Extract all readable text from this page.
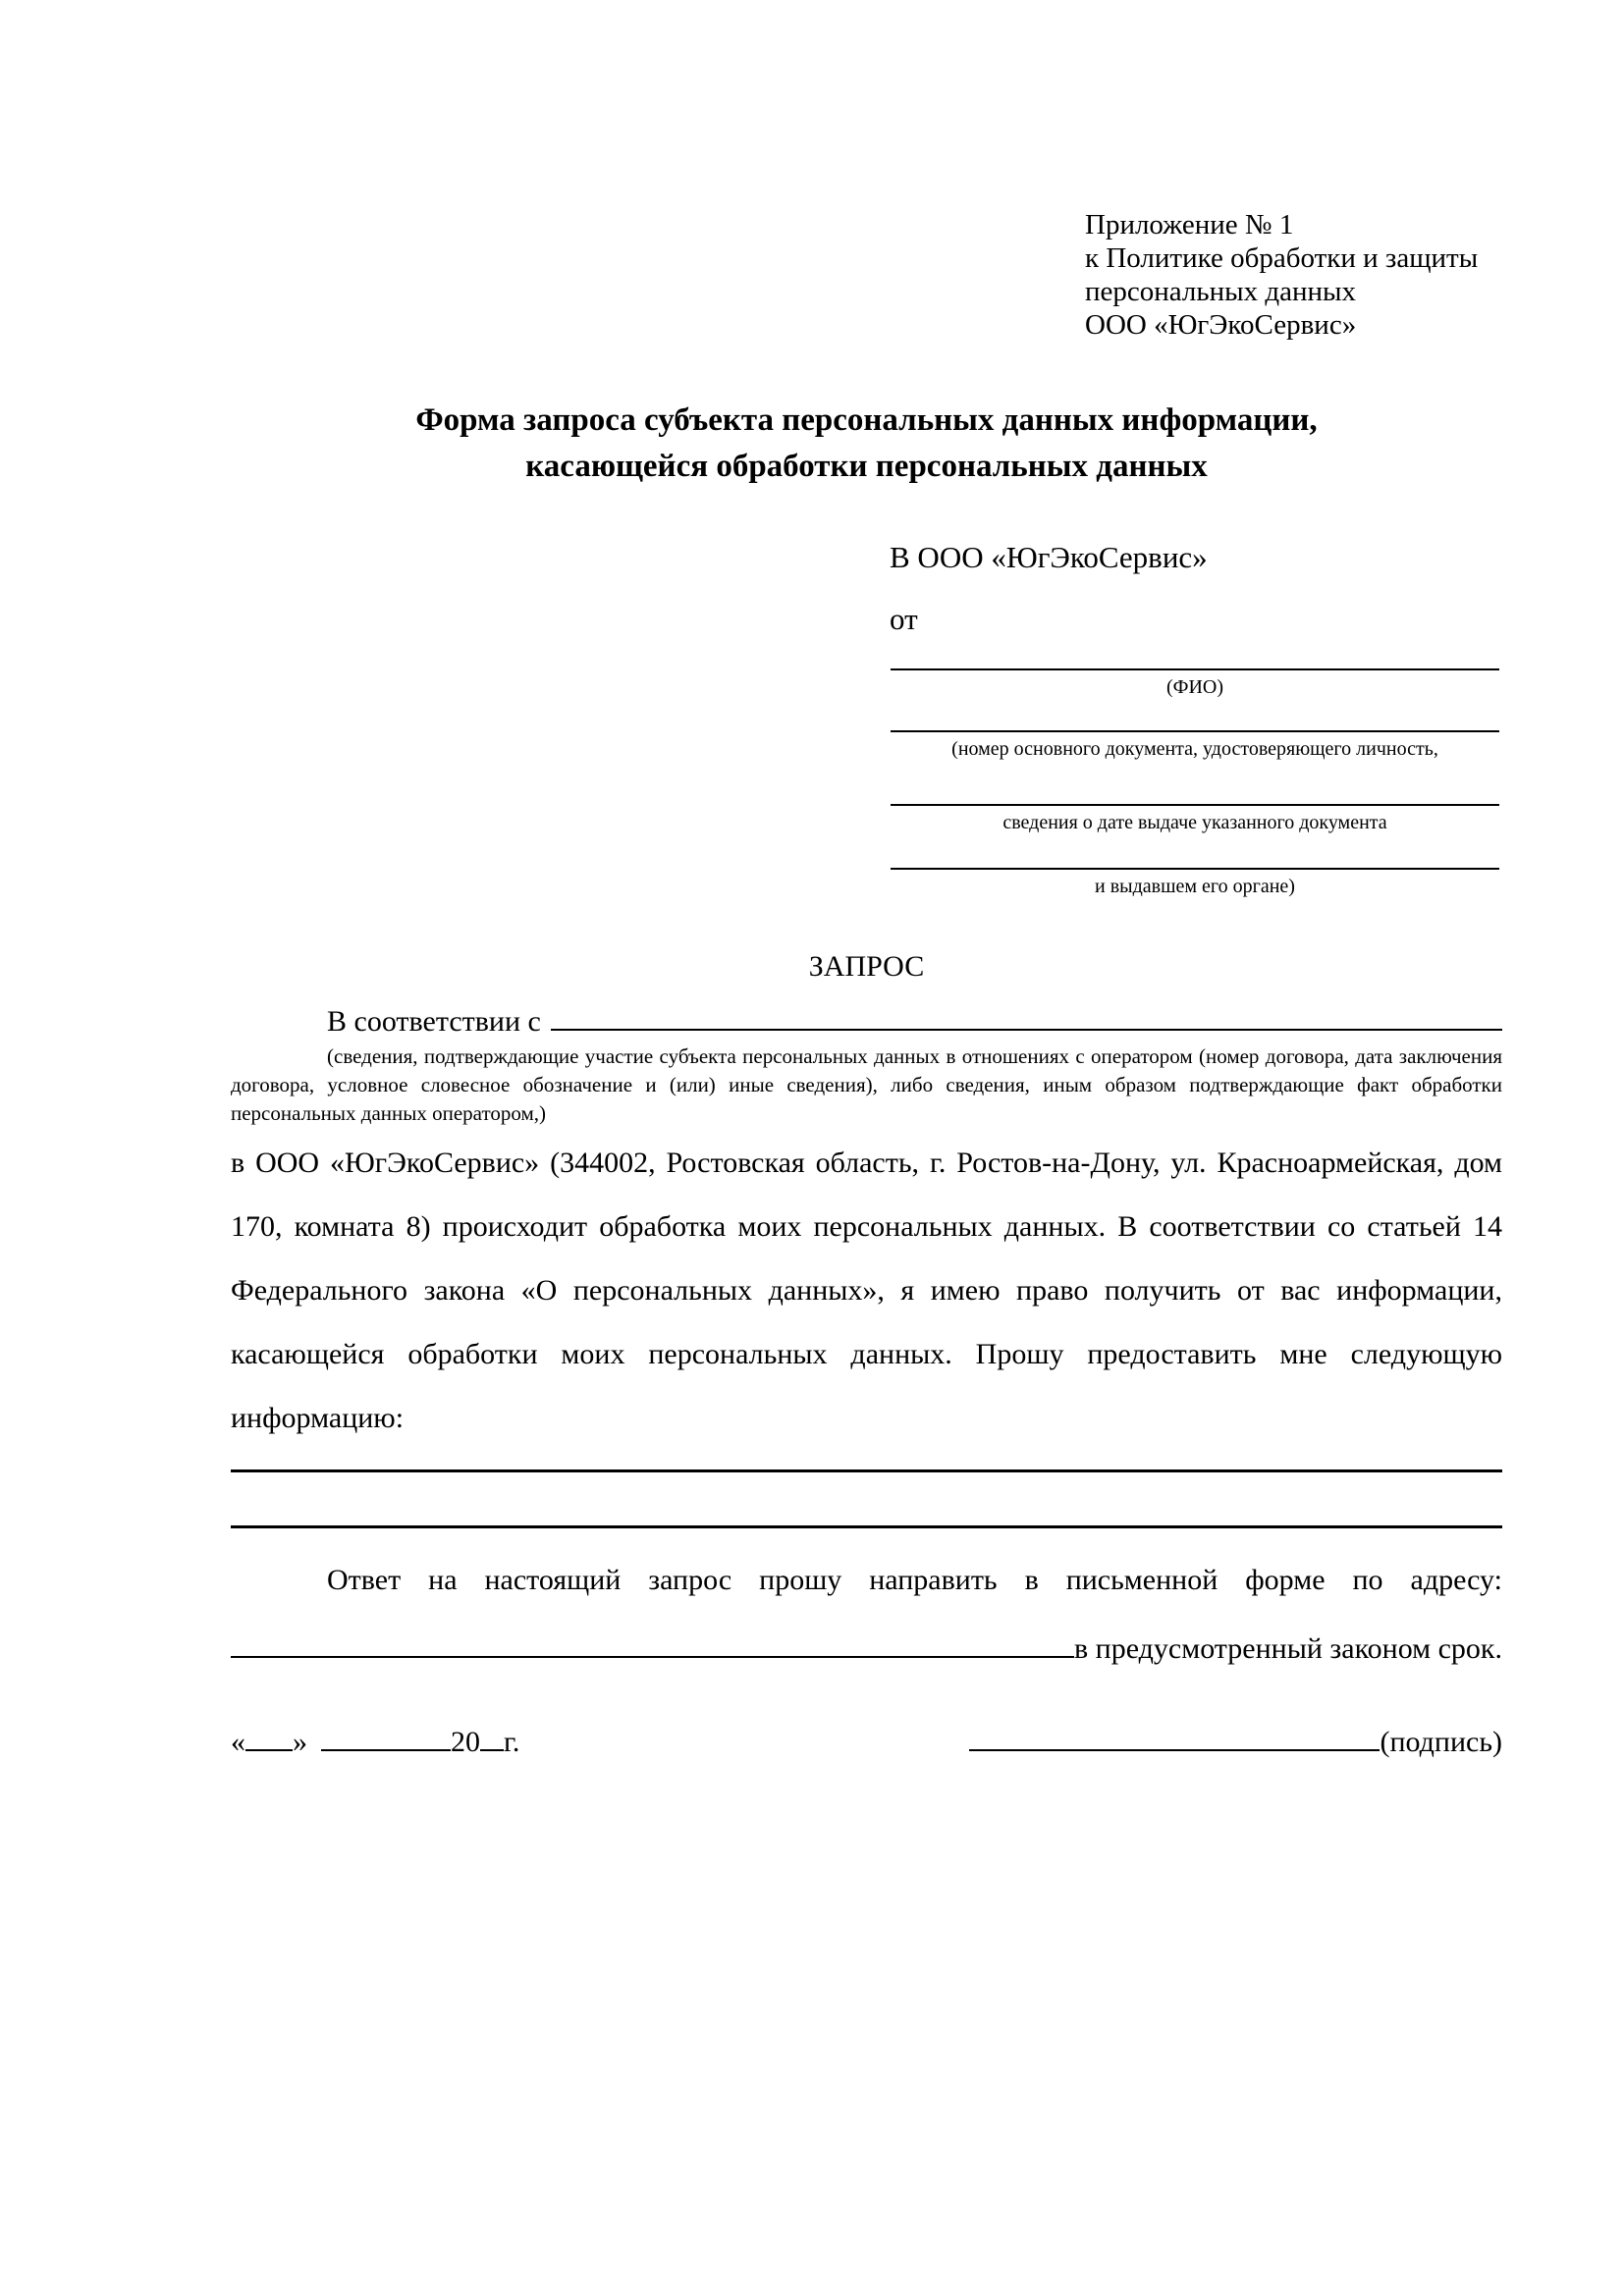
Приложение № 1
к Политике обработки и защиты
персональных данных
ООО «ЮгЭкоСервис»
Форма запроса субъекта персональных данных информации,
касающейся обработки персональных данных
В ООО «ЮгЭкоСервис»
от
(ФИО)
(номер основного документа, удостоверяющего личность,
сведения о дате выдаче указанного документа
и выдавшем его органе)
ЗАПРОС
В соответствии с
(сведения, подтверждающие участие субъекта персональных данных в отношениях с оператором (номер договора, дата заключения договора, условное словесное обозначение и (или) иные сведения), либо сведения, иным образом подтверждающие факт обработки персональных данных оператором,)
в ООО «ЮгЭкоСервис» (344002, Ростовская область, г. Ростов-на-Дону, ул. Красноармейская, дом 170, комната 8) происходит обработка моих персональных данных. В соответствии со статьей 14 Федерального закона «О персональных данных», я имею право получить от вас информации, касающейся обработки моих персональных данных. Прошу предоставить мне следующую информацию:
Ответ на настоящий запрос прошу направить в письменной форме по адресу:
в предусмотренный законом срок.
« »	20 г.	(подпись)
